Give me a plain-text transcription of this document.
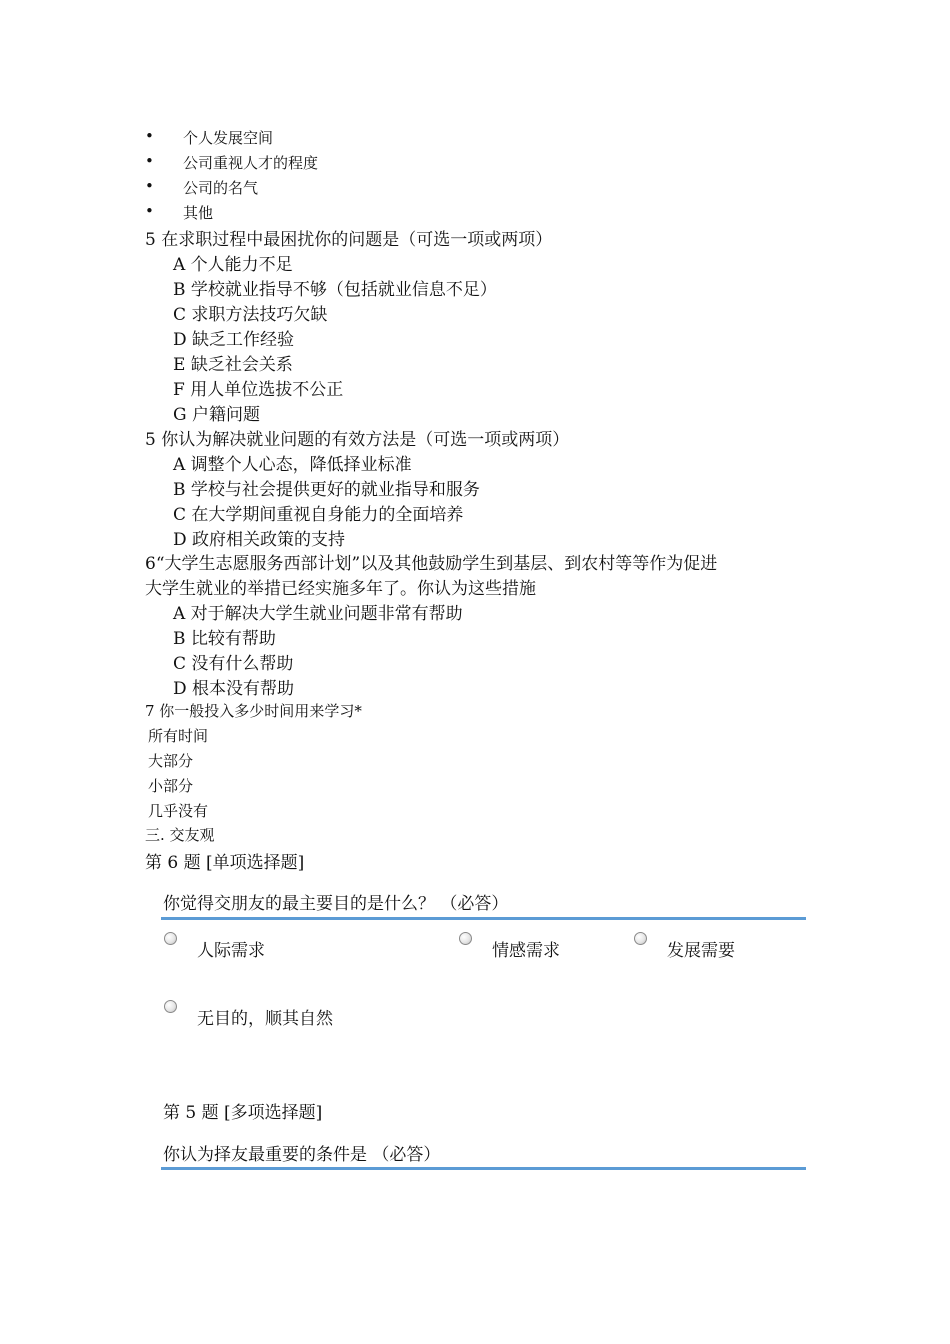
• 个人发展空间
• 公司重视人才的程度
• 公司的名气
• 其他
5 在求职过程中最困扰你的问题是（可选一项或两项）
A 个人能力不足
B 学校就业指导不够（包括就业信息不足）
C 求职方法技巧欠缺
D 缺乏工作经验
E 缺乏社会关系
F 用人单位选拔不公正
G 户籍问题
5 你认为解决就业问题的有效方法是（可选一项或两项）
A 调整个人心态，降低择业标准
B 学校与社会提供更好的就业指导和服务
C 在大学期间重视自身能力的全面培养
D 政府相关政策的支持
6“大学生志愿服务西部计划”以及其他鼓励学生到基层、到农村等等作为促进
大学生就业的举措已经实施多年了。你认为这些措施
A 对于解决大学生就业问题非常有帮助
B 比较有帮助
C 没有什么帮助
D 根本没有帮助
7 你一般投入多少时间用来学习*
所有时间
大部分
小部分
几乎没有
三. 交友观
第 6 题 [单项选择题]
你觉得交朋友的最主要目的是什么？ （必答）
人际需求	情感需求	发展需要
无目的，顺其自然
第 5 题 [多项选择题]
你认为择友最重要的条件是 （必答）
